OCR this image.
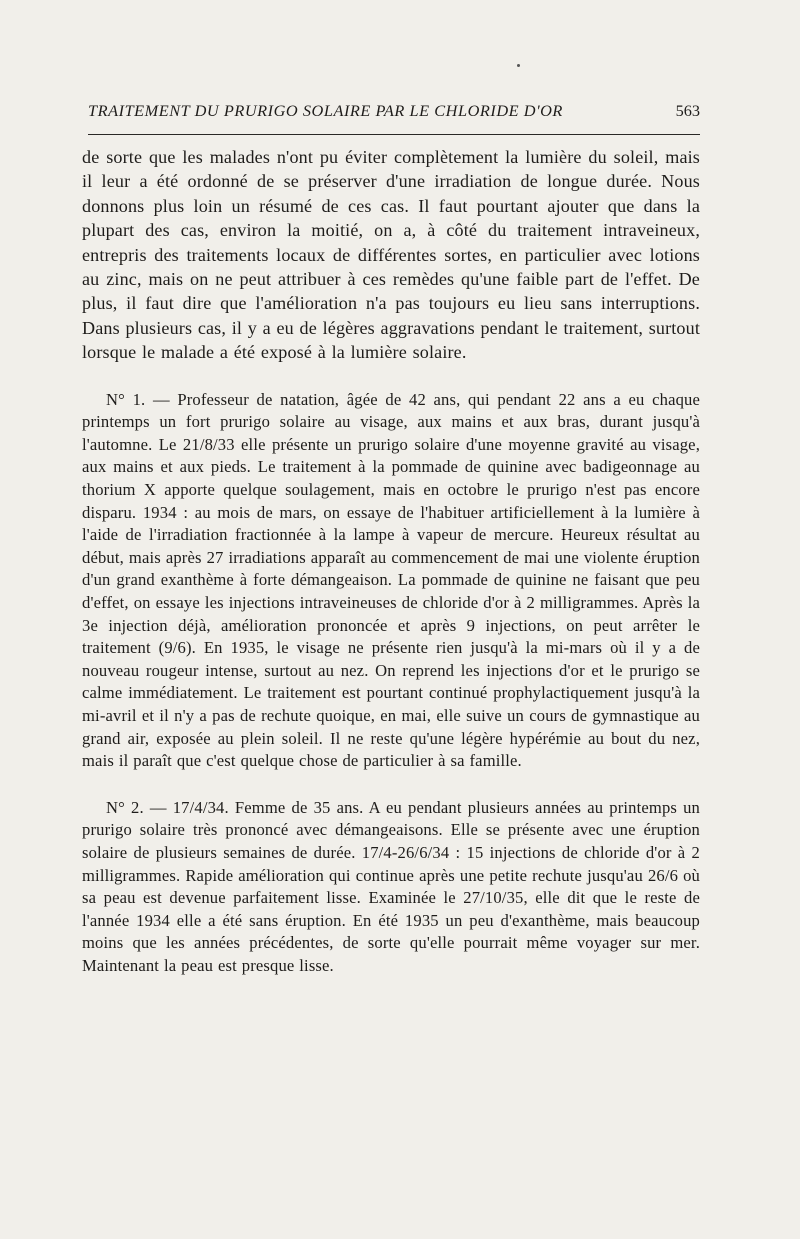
TRAITEMENT DU PRURIGO SOLAIRE PAR LE CHLORIDE D'OR	563

de sorte que les malades n'ont pu éviter complètement la lumière du soleil, mais il leur a été ordonné de se préserver d'une irradiation de longue durée. Nous donnons plus loin un résumé de ces cas. Il faut pourtant ajouter que dans la plupart des cas, environ la moitié, on a, à côté du traitement intraveineux, entrepris des traitements locaux de différentes sortes, en particulier avec lotions au zinc, mais on ne peut attribuer à ces remèdes qu'une faible part de l'effet. De plus, il faut dire que l'amélioration n'a pas toujours eu lieu sans interruptions. Dans plusieurs cas, il y a eu de légères aggravations pendant le traitement, surtout lorsque le malade a été exposé à la lumière solaire.

N° 1. — Professeur de natation, âgée de 42 ans, qui pendant 22 ans a eu chaque printemps un fort prurigo solaire au visage, aux mains et aux bras, durant jusqu'à l'automne. Le 21/8/33 elle présente un prurigo solaire d'une moyenne gravité au visage, aux mains et aux pieds. Le traitement à la pommade de quinine avec badigeonnage au thorium X apporte quelque soulagement, mais en octobre le prurigo n'est pas encore disparu. 1934 : au mois de mars, on essaye de l'habituer artificiellement à la lumière à l'aide de l'irradiation fractionnée à la lampe à vapeur de mercure. Heureux résultat au début, mais après 27 irradiations apparaît au commencement de mai une violente éruption d'un grand exanthème à forte démangeaison. La pommade de quinine ne faisant que peu d'effet, on essaye les injections intraveineuses de chloride d'or à 2 milligrammes. Après la 3e injection déjà, amélioration prononcée et après 9 injections, on peut arrêter le traitement (9/6). En 1935, le visage ne présente rien jusqu'à la mi-mars où il y a de nouveau rougeur intense, surtout au nez. On reprend les injections d'or et le prurigo se calme immédiatement. Le traitement est pourtant continué prophylactiquement jusqu'à la mi-avril et il n'y a pas de rechute quoique, en mai, elle suive un cours de gymnastique au grand air, exposée au plein soleil. Il ne reste qu'une légère hypérémie au bout du nez, mais il paraît que c'est quelque chose de particulier à sa famille.

N° 2. — 17/4/34. Femme de 35 ans. A eu pendant plusieurs années au printemps un prurigo solaire très prononcé avec démangeaisons. Elle se présente avec une éruption solaire de plusieurs semaines de durée. 17/4-26/6/34 : 15 injections de chloride d'or à 2 milligrammes. Rapide amélioration qui continue après une petite rechute jusqu'au 26/6 où sa peau est devenue parfaitement lisse. Examinée le 27/10/35, elle dit que le reste de l'année 1934 elle a été sans éruption. En été 1935 un peu d'exanthème, mais beaucoup moins que les années précédentes, de sorte qu'elle pourrait même voyager sur mer. Maintenant la peau est presque lisse.
